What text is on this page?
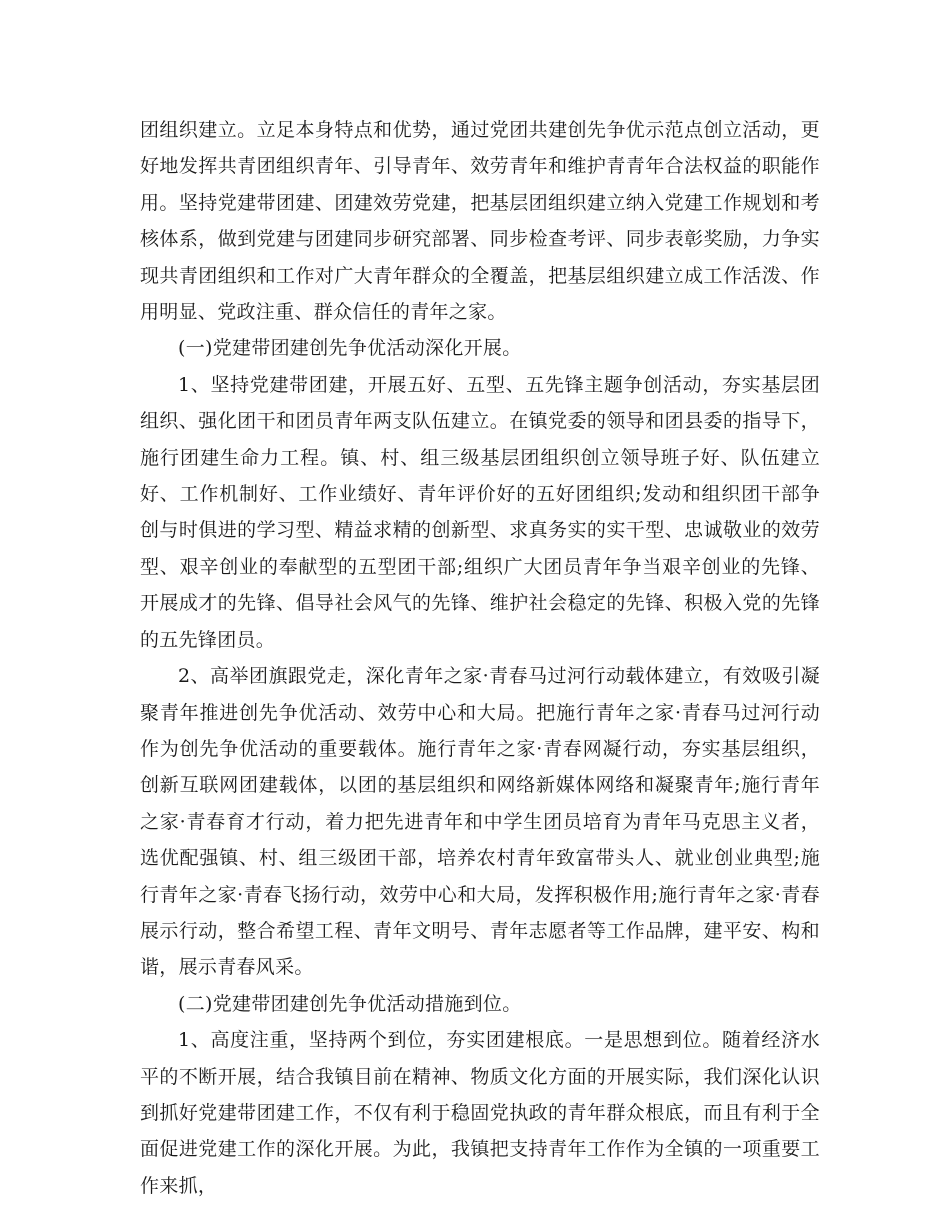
团组织建立。立足本身特点和优势，通过党团共建创先争优示范点创立活动，更好地发挥共青团组织青年、引导青年、效劳青年和维护青青年合法权益的职能作用。坚持党建带团建、团建效劳党建，把基层团组织建立纳入党建工作规划和考核体系，做到党建与团建同步研究部署、同步检查考评、同步表彰奖励，力争实现共青团组织和工作对广大青年群众的全覆盖，把基层组织建立成工作活泼、作用明显、党政注重、群众信任的青年之家。

(一)党建带团建创先争优活动深化开展。

1、坚持党建带团建，开展五好、五型、五先锋主题争创活动，夯实基层团组织、强化团干和团员青年两支队伍建立。在镇党委的领导和团县委的指导下，施行团建生命力工程。镇、村、组三级基层团组织创立领导班子好、队伍建立好、工作机制好、工作业绩好、青年评价好的五好团组织;发动和组织团干部争创与时俱进的学习型、精益求精的创新型、求真务实的实干型、忠诚敬业的效劳型、艰辛创业的奉献型的五型团干部;组织广大团员青年争当艰辛创业的先锋、开展成才的先锋、倡导社会风气的先锋、维护社会稳定的先锋、积极入党的先锋的五先锋团员。

2、高举团旗跟党走，深化青年之家·青春马过河行动载体建立，有效吸引凝聚青年推进创先争优活动、效劳中心和大局。把施行青年之家·青春马过河行动作为创先争优活动的重要载体。施行青年之家·青春网凝行动，夯实基层组织，创新互联网团建载体，以团的基层组织和网络新媒体网络和凝聚青年;施行青年之家·青春育才行动，着力把先进青年和中学生团员培育为青年马克思主义者，选优配强镇、村、组三级团干部，培养农村青年致富带头人、就业创业典型;施行青年之家·青春飞扬行动，效劳中心和大局，发挥积极作用;施行青年之家·青春展示行动，整合希望工程、青年文明号、青年志愿者等工作品牌，建平安、构和谐，展示青春风采。

(二)党建带团建创先争优活动措施到位。

1、高度注重，坚持两个到位，夯实团建根底。一是思想到位。随着经济水平的不断开展，结合我镇目前在精神、物质文化方面的开展实际，我们深化认识到抓好党建带团建工作，不仅有利于稳固党执政的青年群众根底，而且有利于全面促进党建工作的深化开展。为此，我镇把支持青年工作作为全镇的一项重要工作来抓，
